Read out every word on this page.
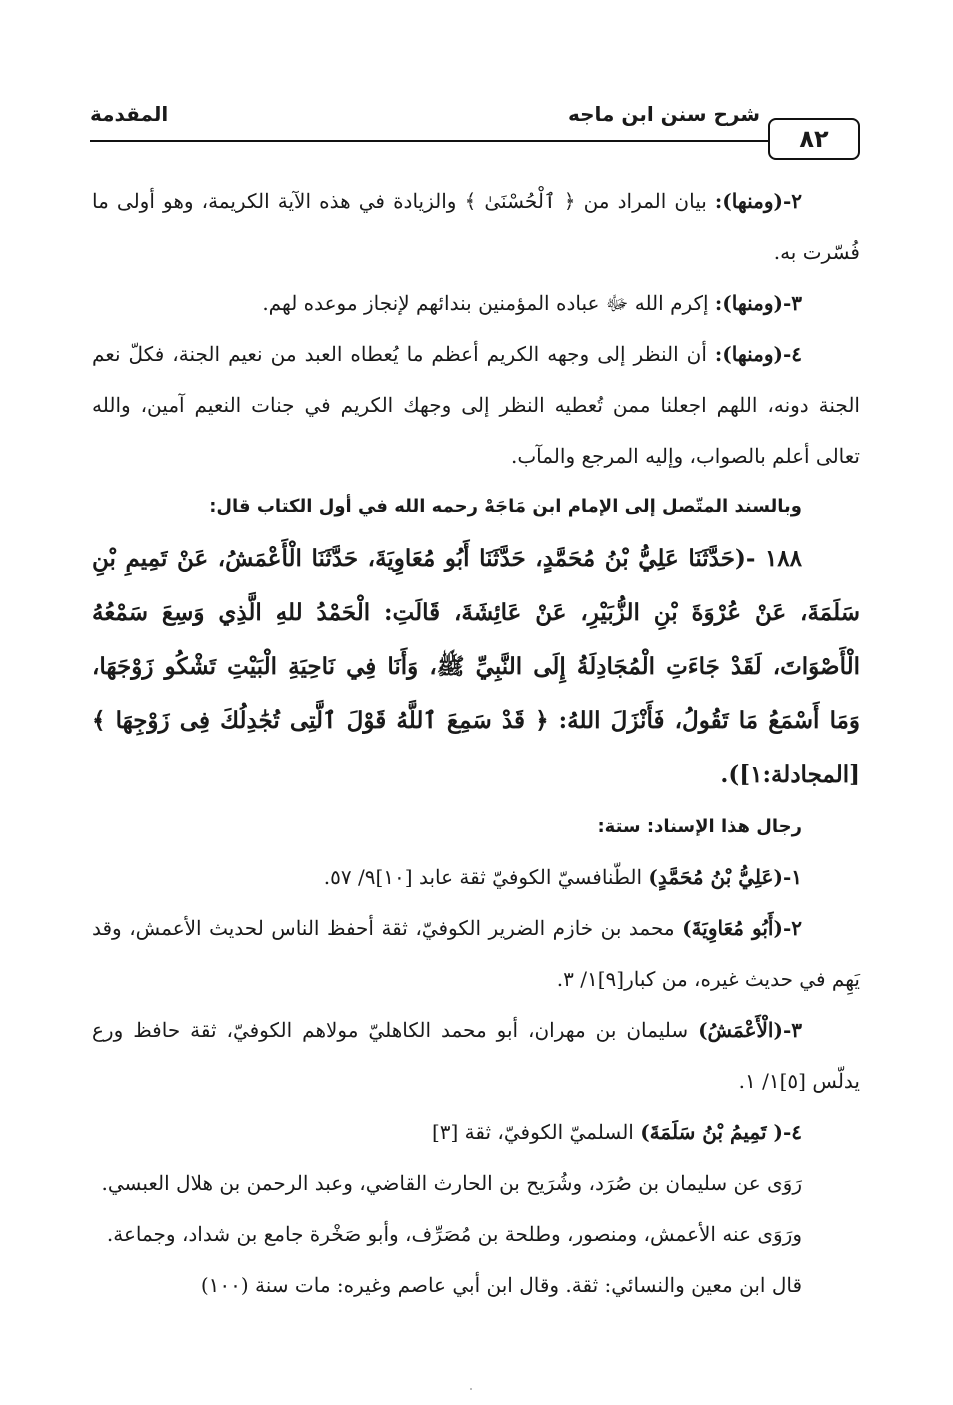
المقدمة	شرح سنن ابن ماجه
٨٢

٢-(ومنها): بيان المراد من ﴿ ٱلْحُسْنَىٰ ﴾ والزيادة في هذه الآية الكريمة، وهو أولى ما فُسّرت به.

٣-(ومنها): إكرم الله ﷻ عباده المؤمنين بندائهم لإنجاز موعده لهم.

٤-(ومنها): أن النظر إلى وجهه الكريم أعظم ما يُعطاه العبد من نعيم الجنة، فكلّ نعم الجنة دونه، اللهم اجعلنا ممن تُعطيه النظر إلى وجهك الكريم في جنات النعيم آمين، والله تعالى أعلم بالصواب، وإليه المرجع والمآب.

وبالسند المتّصل إلى الإمام ابن مَاجَهْ رحمه الله في أول الكتاب قال:

١٨٨ -(حَدَّثَنَا عَلِيُّ بْنُ مُحَمَّدٍ، حَدَّثَنَا أَبُو مُعَاوِيَةَ، حَدَّثَنَا الْأَعْمَشُ، عَنْ تَمِيمِ بْنِ سَلَمَةَ، عَنْ عُرْوَةَ بْنِ الزُّبَيْرِ، عَنْ عَائِشَةَ، قَالَتِ: الْحَمْدُ للهِ الَّذِي وَسِعَ سَمْعُهُ الْأَصْوَاتَ، لَقَدْ جَاءَتِ الْمُجَادِلَةُ إِلَى النَّبِيِّ ﷺ، وَأَنَا فِي نَاحِيَةِ الْبَيْتِ تَشْكُو زَوْجَهَا، وَمَا أَسْمَعُ مَا تَقُولُ، فَأَنْزَلَ اللهُ: ﴿ قَدْ سَمِعَ ٱللَّهُ قَوْلَ ٱلَّتِى تُجَٰدِلُكَ فِى زَوْجِهَا ﴾ [المجادلة:١]).

رجال هذا الإسناد: ستة:

١-(عَلِيُّ بْنُ مُحَمَّدٍ) الطّنافسيّ الكوفيّ ثقة عابد [١٠]٩/ ٥٧.

٢-(أَبُو مُعَاوِيَةَ) محمد بن خازم الضرير الكوفيّ، ثقة أحفظ الناس لحديث الأعمش، وقد يَهِم في حديث غيره، من كبار[٩]١/ ٣.

٣-(الْأَعْمَشُ) سليمان بن مهران، أبو محمد الكاهليّ مولاهم الكوفيّ، ثقة حافظ ورع يدلّس [٥]١/ ١.

٤-( تَمِيمُ بْنُ سَلَمَةَ) السلميّ الكوفيّ، ثقة [٣]

رَوَى عن سليمان بن صُرَد، وشُرَيح بن الحارث القاضي، وعبد الرحمن بن هلال العبسي.

ورَوَى عنه الأعمش، ومنصور، وطلحة بن مُصَرِّف، وأبو صَخْرة جامع بن شداد، وجماعة.

قال ابن معين والنسائي: ثقة. وقال ابن أبي عاصم وغيره: مات سنة (١٠٠)
